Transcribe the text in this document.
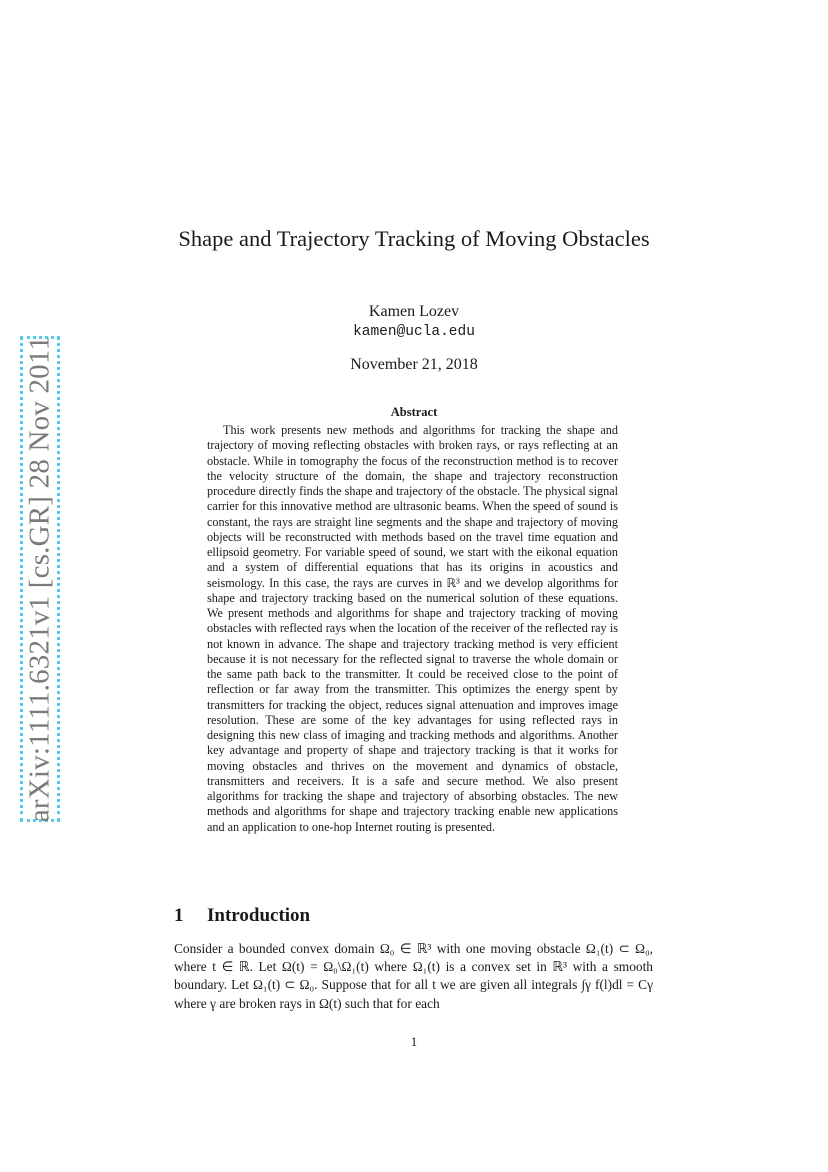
arXiv:1111.6321v1 [cs.GR] 28 Nov 2011
Shape and Trajectory Tracking of Moving Obstacles
Kamen Lozev
kamen@ucla.edu
November 21, 2018
Abstract

This work presents new methods and algorithms for tracking the shape and trajectory of moving reflecting obstacles with broken rays, or rays reflecting at an obstacle. While in tomography the focus of the reconstruction method is to recover the velocity structure of the domain, the shape and trajectory reconstruction procedure directly finds the shape and trajectory of the obstacle. The physical signal carrier for this innovative method are ultrasonic beams. When the speed of sound is constant, the rays are straight line segments and the shape and trajectory of moving objects will be reconstructed with methods based on the travel time equation and ellipsoid geometry. For variable speed of sound, we start with the eikonal equation and a system of differential equations that has its origins in acoustics and seismology. In this case, the rays are curves in ℝ³ and we develop algorithms for shape and trajectory tracking based on the numerical solution of these equations. We present methods and algorithms for shape and trajectory tracking of moving obstacles with reflected rays when the location of the receiver of the reflected ray is not known in advance. The shape and trajectory tracking method is very efficient because it is not necessary for the reflected signal to traverse the whole domain or the same path back to the transmitter. It could be received close to the point of reflection or far away from the transmitter. This optimizes the energy spent by transmitters for tracking the object, reduces signal attenuation and improves image resolution. These are some of the key advantages for using reflected rays in designing this new class of imaging and tracking methods and algorithms. Another key advantage and property of shape and trajectory tracking is that it works for moving obstacles and thrives on the movement and dynamics of obstacle, transmitters and receivers. It is a safe and secure method. We also present algorithms for tracking the shape and trajectory of absorbing obstacles. The new methods and algorithms for shape and trajectory tracking enable new applications and an application to one-hop Internet routing is presented.

1 Introduction

Consider a bounded convex domain Ω₀ ∈ ℝ³ with one moving obstacle Ω₁(t) ⊂ Ω₀, where t ∈ ℝ. Let Ω(t) = Ω₀\Ω₁(t) where Ω₁(t) is a convex set in ℝ³ with a smooth boundary. Let Ω₁(t) ⊂ Ω₀. Suppose that for all t we are given all integrals ∫γ f(l)dl = Cγ where γ are broken rays in Ω(t) such that for each

1
